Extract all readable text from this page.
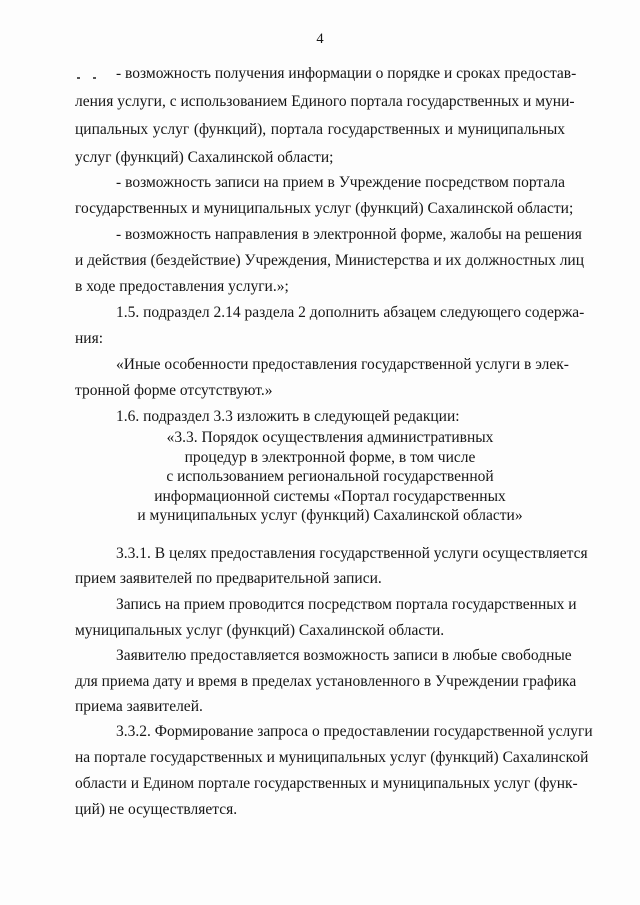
4
- возможность получения информации о порядке и сроках предостав-
ления услуги, с использованием Единого портала государственных и муни-
ципальных услуг (функций), портала государственных и муниципальных
услуг (функций) Сахалинской области;
- возможность записи на прием в Учреждение посредством портала
государственных и муниципальных услуг (функций) Сахалинской области;
- возможность направления в электронной форме, жалобы на решения
и действия (бездействие) Учреждения, Министерства и их должностных лиц
в ходе предоставления услуги.»;
1.5. подраздел 2.14 раздела 2 дополнить абзацем следующего содержа-
ния:
«Иные особенности предоставления государственной услуги в элек-
тронной форме отсутствуют.»
1.6. подраздел 3.3 изложить в следующей редакции:
«3.3. Порядок осуществления административных
процедур в электронной форме, в том числе
с использованием региональной государственной
информационной системы «Портал государственных
и муниципальных услуг (функций) Сахалинской области»
3.3.1. В целях предоставления государственной услуги осуществляется
прием заявителей по предварительной записи.
Запись на прием проводится посредством портала государственных и
муниципальных услуг (функций) Сахалинской области.
Заявителю предоставляется возможность записи в любые свободные
для приема дату и время в пределах установленного в Учреждении графика
приема заявителей.
3.3.2. Формирование запроса о предоставлении государственной услуги
на портале государственных и муниципальных услуг (функций) Сахалинской
области и Едином портале государственных и муниципальных услуг (функ-
ций) не осуществляется.
